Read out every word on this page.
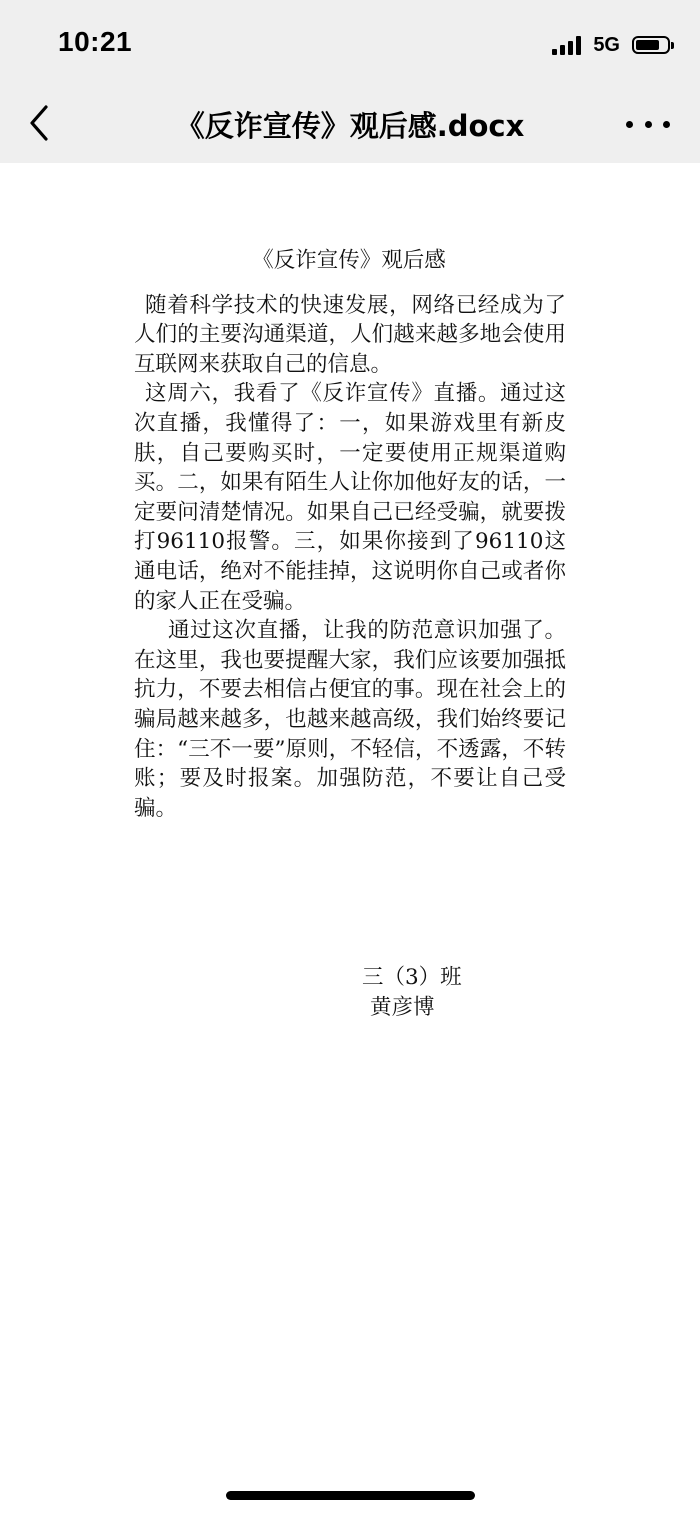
10:21	5G
《反诈宣传》观后感.docx
《反诈宣传》观后感
随着科学技术的快速发展，网络已经成为了人们的主要沟通渠道，人们越来越多地会使用互联网来获取自己的信息。
这周六，我看了《反诈宣传》直播。通过这次直播，我懂得了：一，如果游戏里有新皮肤，自己要购买时，一定要使用正规渠道购买。二，如果有陌生人让你加他好友的话，一定要问清楚情况。如果自己已经受骗，就要拨打96110报警。三，如果你接到了96110这通电话，绝对不能挂掉，这说明你自己或者你的家人正在受骗。
通过这次直播，让我的防范意识加强了。在这里，我也要提醒大家，我们应该要加强抵抗力，不要去相信占便宜的事。现在社会上的骗局越来越多，也越来越高级，我们始终要记住：“三不一要”原则，不轻信，不透露，不转账；要及时报案。加强防范，不要让自己受骗。
三（3）班
黄彦博
